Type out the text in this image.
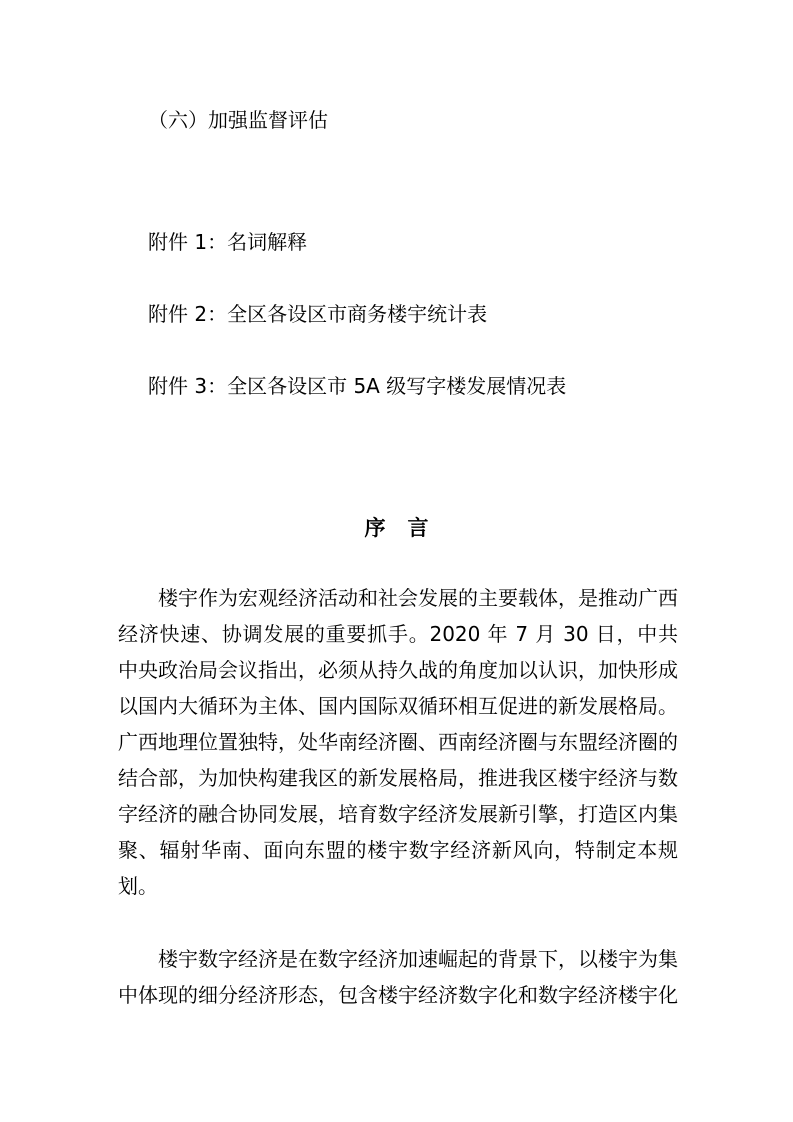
（六）加强监督评估
附件 1：名词解释
附件 2：全区各设区市商务楼宇统计表
附件 3：全区各设区市 5A 级写字楼发展情况表
序 言

楼宇作为宏观经济活动和社会发展的主要载体，是推动广西经济快速、协调发展的重要抓手。2020 年 7 月 30 日，中共中央政治局会议指出，必须从持久战的角度加以认识，加快形成以国内大循环为主体、国内国际双循环相互促进的新发展格局。广西地理位置独特，处华南经济圈、西南经济圈与东盟经济圈的结合部，为加快构建我区的新发展格局，推进我区楼宇经济与数字经济的融合协同发展，培育数字经济发展新引擎，打造区内集聚、辐射华南、面向东盟的楼宇数字经济新风向，特制定本规划。

楼宇数字经济是在数字经济加速崛起的背景下，以楼宇为集中体现的细分经济形态，包含楼宇经济数字化和数字经济楼宇化
